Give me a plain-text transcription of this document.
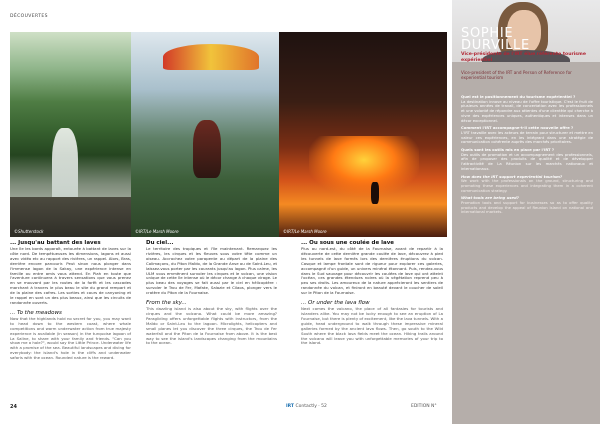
DÉCOUVERTES
©Shutterstock	©IRT/Le Marsh Moore	©IRT/Le Marsh Moore
... Jusqu'au battant des laves

Une île les bords apparaît, entourée à battant de laves sur la côte nord. De tempétueuses les dimensions, lagons et aussi avec vidéo etc au rapport des rivières, un rappel. Alors, Bras, derrière encore parcourir. Peut sinon nous plonger dans l'immense lagon de la Sakay, une expérience intense en famille ou entre amis vous attend. En Piah en toute que l'aventure continuera à travers sensations que vous prenez en se mouvant par les routes de la forêt et les cascades marchant à travers le plus beau le site du grand rempart et de la plaine des cafres. Les sorties et cours de canyoning et le rappel en sont un des plus beaux, ainsi que les circuits de randonnée ouverts.

... To the meadows

Now that the highlands hold no secret for you, you may want to head down to the western coast, where whale competitions and warm underwater action from true majesty experience is available (in season) in the turquoise lagoon of La Saline, to share with your family and friends. "Can you show me a hole?", would say the Little Prince. Underwater life with a promise of the sea. Beautiful landscapes and diving for everybody: the island's hole in the cliffs and underwater safaris with the ocean. Rounded nature is the reward.

Du ciel...

Le territoire des tropiques et l'île maintenant. Remarquez les rivières, les cirques et les fleuves sous votre tête comme un oiseau. Accrochez votre parapente au départ de la plaine des Colimaçons, du Piton Maïdo, de la Grande Anse ou de Saint-Leu, et laissez-vous porter par les courants jusqu'au lagon. Plus calme, les ULM vous emmènent survoler les cirques et le volcan, une vision unique de cette île intense où le décor change à chaque virage. Le plus beau des voyages se fait aussi par le ciel en hélicoptère : survoler le Trou de Fer, Mafate, Salazie et Cilaos, plonger vers le cratère du Piton de la Fournaise.

From the sky...

This dazzling island is also about the sky, with flights over the cirques and the volcano. What could be more amazing? Paragliding offers unforgettable flights with instructors, from the Maïdo or Saint-Leu to the lagoon. Microlights, helicopters and small planes let you discover the three cirques, the Trou de Fer waterfall and the Piton de la Fournaise from above. It is the best way to see the island's landscapes changing from the mountains to the ocean.

... Ou sous une coulée de lave

Plus au nord-est, du côté de la Fournaise, avant de repartir à la découverte de cette dernière grande coulée de lave, découvrez à pied les tunnels de lave formés lors des dernières éruptions du volcan. Casque et lampe frontale sont de rigueur pour explorer ces galeries, accompagné d'un guide, un univers minéral étonnant. Puis, rendez-vous dans le Sud sauvage pour découvrir les coulées de lave qui ont atteint l'océan, ces grandes étendues noires où la végétation reprend peu à peu ses droits. Les amoureux de la nature apprécieront les sentiers de randonnée du volcan, et finiront en beauté devant le coucher de soleil sur le Piton de la Fournaise.

... Or under the lava flow

Next comes the volcano, the place of all fantasies for tourists and islanders alike. You may not be lucky enough to see an eruption of La Fournaise, but there is plenty of excitement, like the lava tunnels. With a guide, head underground to walk through these impressive mineral galleries formed by the ancient lava flows. Then, go south to the Wild South where the black lava fields meet the ocean. Hiking trails around the volcano will leave you with unforgettable memories of your trip to the island.

24	IRT Contactly · 52	EDITION N°
SOPHIE
DURVILLE
Vice-présidente de l'IRT élue référente tourisme expérientiel
Vice-president of the IRT and Person of Reference for experiential tourism

Quel est le positionnement du tourisme expérientiel ?

La destination innove au niveau de l'offre touristique. C'est le fruit de plusieurs années de travail, de concertation avec les professionnels et une volonté de répondre aux attentes d'une clientèle qui cherche à vivre des expériences uniques, authentiques et intenses dans un décor exceptionnel.

Comment l'IRT accompagne-t-il cette nouvelle offre ?

L'IRT travaille avec les acteurs de terrain pour structurer et mettre en valeur ces expériences, en les intégrant dans une stratégie de communication cohérente auprès des marchés prioritaires.

Quels sont les outils mis en place par l'IRT ?

Des outils de promotion et un accompagnement des professionnels, afin de proposer des produits de qualité et de développer l'attractivité de La Réunion sur les marchés nationaux et internationaux.

How does the IRT support experiential tourism?

We work with the professionals on the ground, structuring and promoting these experiences and integrating them in a coherent communication strategy.

What tools are being used?

Promotion tools and support for businesses so as to offer quality products and develop the appeal of Reunion Island on national and international markets.
